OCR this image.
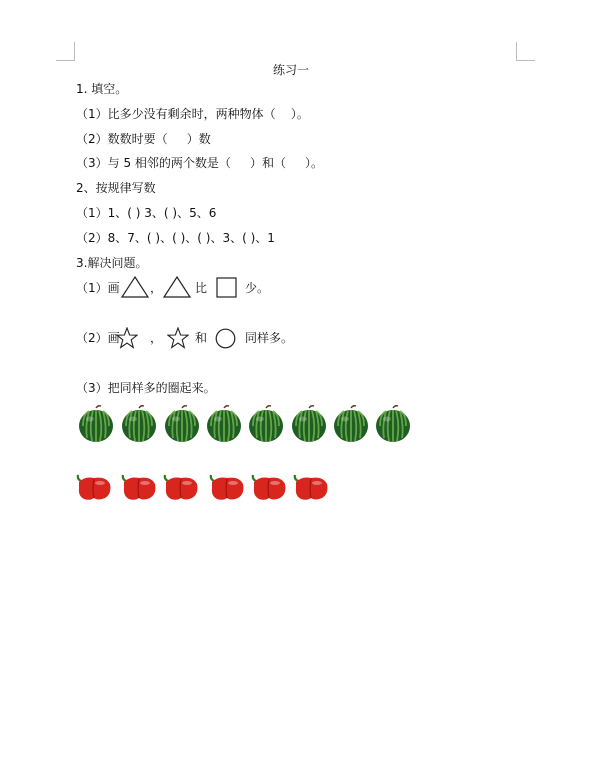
练习一
1. 填空。
（1）比多少没有剩余时，两种物体（    ）。
（2）数数时要（     ）数
（3）与 5 相邻的两个数是（     ）和（     ）。
2、按规律写数
（1）1、( ) 3、( )、5、6
（2）8、7、( )、( )、( )、3、( )、1
3.解决问题。
（1）画	，	比	少。
（2）画	，	和	同样多。
（3）把同样多的圈起来。
